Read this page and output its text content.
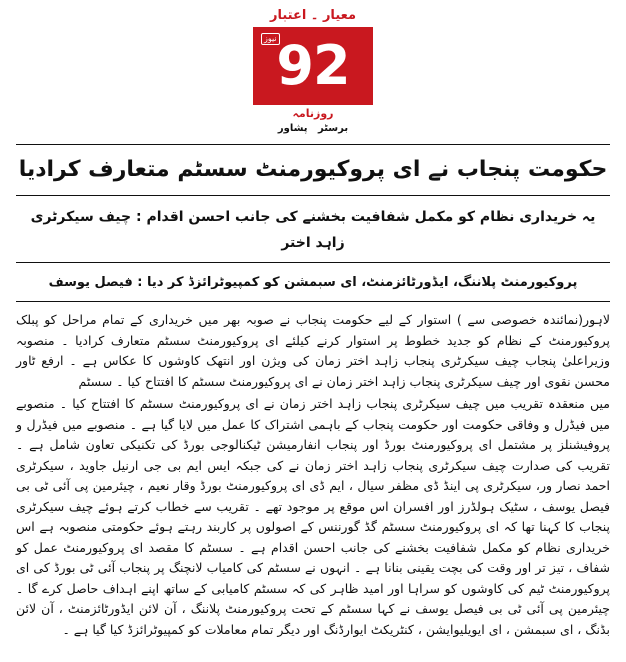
معیار ۔ اعتبار
نیوز 92
روزنامہ
برسٹر   پشاور
حکومت پنجاب نے ای پروکیورمنٹ سسٹم متعارف کرادیا
یہ خریداری نظام کو مکمل شفافیت بخشنے کی جانب احسن اقدام : چیف سیکرٹری زاہد اختر
پروکیورمنٹ پلاننگ، ایڈورٹائزمنٹ، ای سبمشن کو کمپیوٹرائزڈ کر دیا : فیصل یوسف

لاہور(نمائندہ خصوصی سے ) استوار کے لیے حکومت پنجاب نے صوبہ بھر میں خریداری کے تمام مراحل کو پبلک پروکیورمنٹ کے نظام کو جدید خطوط پر استوار کرنے کیلئے ای پروکیورمنٹ سسٹم متعارف کرادیا ۔ منصوبہ وزیراعلیٰ پنجاب چیف سیکرٹری پنجاب زاہد اختر زمان کی ویژن اور انتھک کاوشوں کا عکاس ہے ۔ ارفع ٹاور محسن نقوی اور چیف سیکرٹری پنجاب زاہد اختر زمان نے ای پروکیورمنٹ سسٹم کا افتتاح کیا ۔ سسٹم

میں منعقدہ تقریب میں چیف سیکرٹری پنجاب زاہد اختر زمان نے ای پروکیورمنٹ سسٹم کا افتتاح کیا ۔ منصوبے میں فیڈرل و وفاقی حکومت اور حکومت پنجاب کے باہمی اشتراک کا عمل میں لایا گیا ہے ۔ منصوبے میں فیڈرل و پروفیشنلز پر مشتمل ای پروکیورمنٹ بورڈ اور پنجاب انفارمیشن ٹیکنالوجی بورڈ کی تکنیکی تعاون شامل ہے ۔ تقریب کی صدارت چیف سیکرٹری پنجاب زاہد اختر زمان نے کی جبکہ ایس ایم بی جی ارنیل جاوید ، سیکرٹری احمد نصار ور، سیکرٹری پی اینڈ ڈی مظفر سیال ، ایم ڈی ای پروکیورمنٹ بورڈ وقار نعیم ، چیئرمین پی آئی ٹی بی فیصل یوسف ، سٹیک ہولڈرز اور افسران اس موقع پر موجود تھے ۔ تقریب سے خطاب کرتے ہوئے چیف سیکرٹری پنجاب کا کہنا تھا کہ ای پروکیورمنٹ سسٹم گڈ گورننس کے اصولوں پر کاربند رہتے ہوئے حکومتی منصوبہ ہے اس خریداری نظام کو مکمل شفافیت بخشنے کی جانب احسن اقدام ہے ۔ سسٹم کا مقصد ای پروکیورمنٹ عمل کو شفاف ، تیز تر اور وقت کی بچت یقینی بنانا ہے ۔ انہوں نے سسٹم کی کامیاب لانچنگ پر پنجاب آئی ٹی بورڈ کی ای پروکیورمنٹ ٹیم کی کاوشوں کو سراہا اور امید ظاہر کی کہ سسٹم کامیابی کے ساتھ اپنے اہداف حاصل کرے گا ۔ چیئرمین پی آئی ٹی بی فیصل یوسف نے کہا سسٹم کے تحت پروکیورمنٹ پلاننگ ، آن لائن ایڈورٹائزمنٹ ، آن لائن بڈنگ ، ای سبمشن ، ای ایویلیوایشن ، کنٹریکٹ ایوارڈنگ اور دیگر تمام معاملات کو کمپیوٹرائزڈ کیا گیا ہے ۔
